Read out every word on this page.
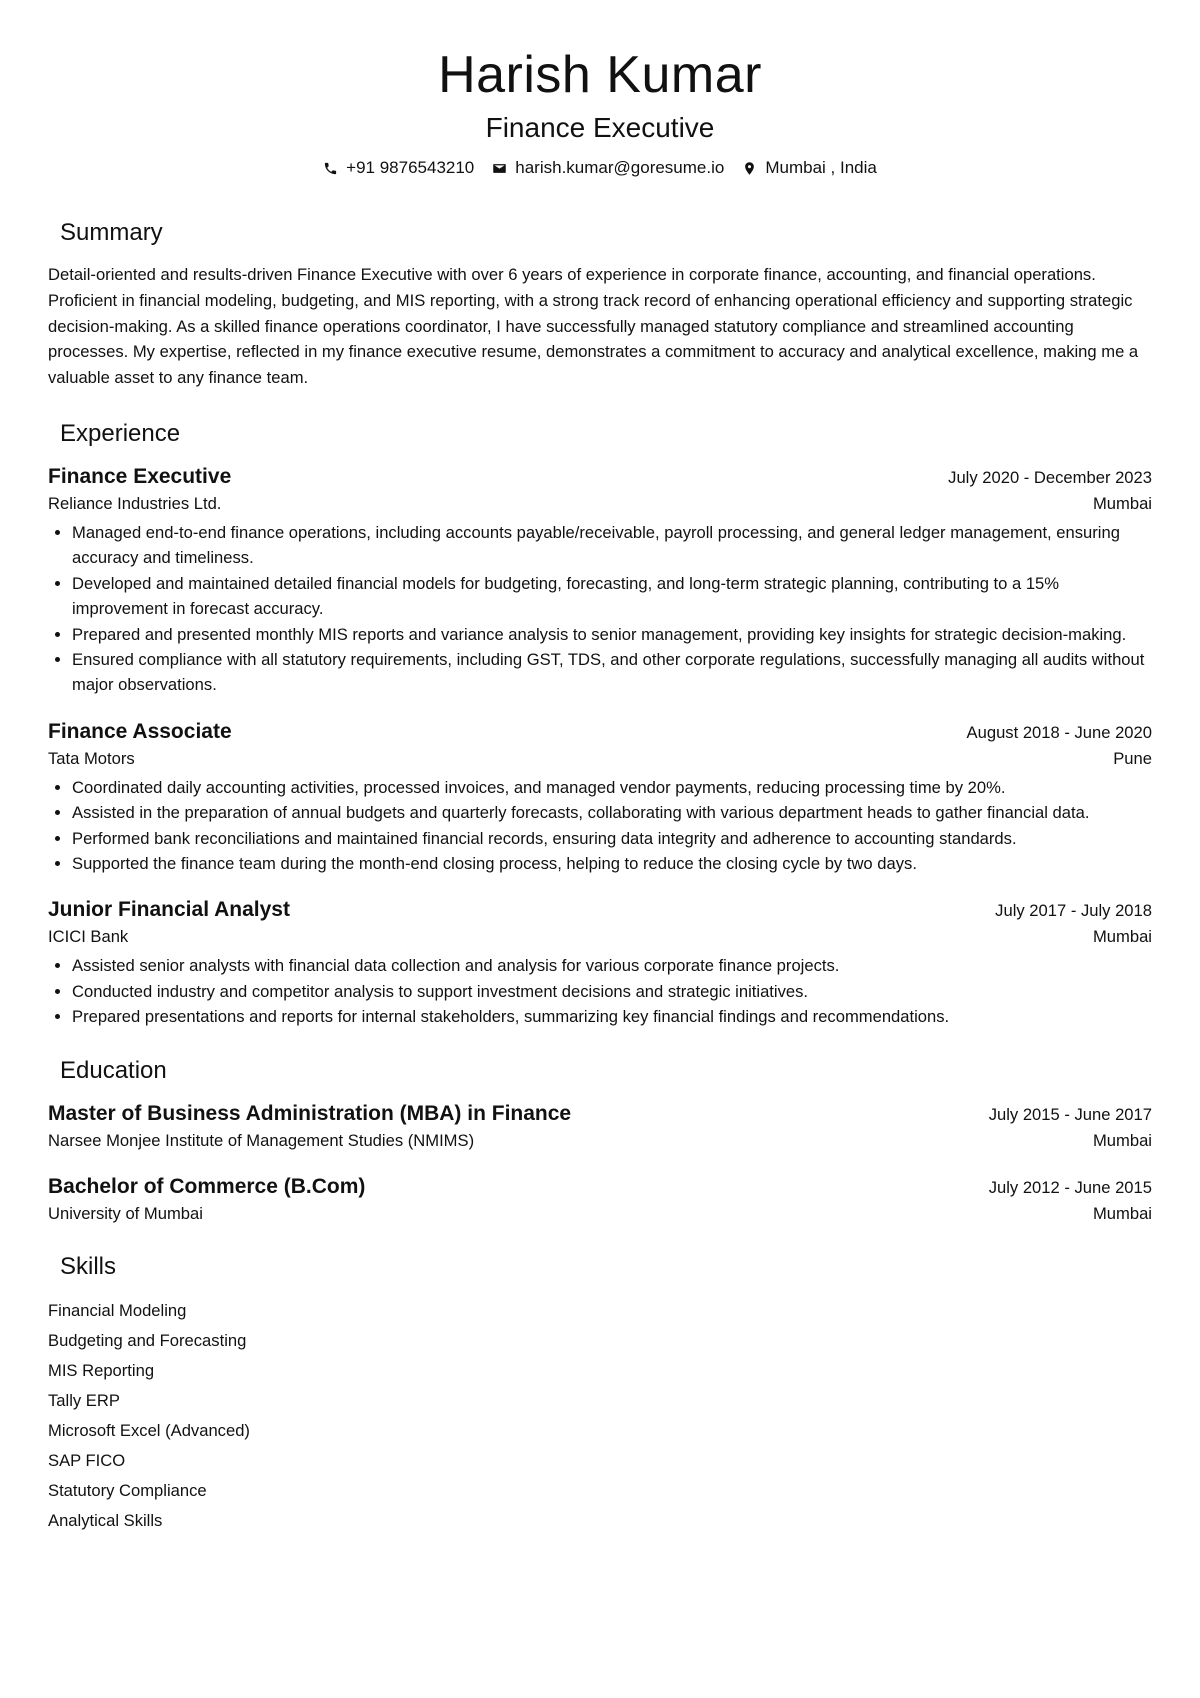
Harish Kumar
Finance Executive
+91 9876543210 harish.kumar@goresume.io Mumbai , India
Summary

Detail-oriented and results-driven Finance Executive with over 6 years of experience in corporate finance, accounting, and financial operations. Proficient in financial modeling, budgeting, and MIS reporting, with a strong track record of enhancing operational efficiency and supporting strategic decision-making. As a skilled finance operations coordinator, I have successfully managed statutory compliance and streamlined accounting processes. My expertise, reflected in my finance executive resume, demonstrates a commitment to accuracy and analytical excellence, making me a valuable asset to any finance team.

Experience
Finance Executive	July 2020 - December 2023
Reliance Industries Ltd.	Mumbai
• Managed end-to-end finance operations, including accounts payable/receivable, payroll processing, and general ledger management, ensuring accuracy and timeliness.
• Developed and maintained detailed financial models for budgeting, forecasting, and long-term strategic planning, contributing to a 15% improvement in forecast accuracy.
• Prepared and presented monthly MIS reports and variance analysis to senior management, providing key insights for strategic decision-making.
• Ensured compliance with all statutory requirements, including GST, TDS, and other corporate regulations, successfully managing all audits without major observations.
Finance Associate	August 2018 - June 2020
Tata Motors	Pune
• Coordinated daily accounting activities, processed invoices, and managed vendor payments, reducing processing time by 20%.
• Assisted in the preparation of annual budgets and quarterly forecasts, collaborating with various department heads to gather financial data.
• Performed bank reconciliations and maintained financial records, ensuring data integrity and adherence to accounting standards.
• Supported the finance team during the month-end closing process, helping to reduce the closing cycle by two days.
Junior Financial Analyst	July 2017 - July 2018
ICICI Bank	Mumbai
• Assisted senior analysts with financial data collection and analysis for various corporate finance projects.
• Conducted industry and competitor analysis to support investment decisions and strategic initiatives.
• Prepared presentations and reports for internal stakeholders, summarizing key financial findings and recommendations.
Education
Master of Business Administration (MBA) in Finance	July 2015 - June 2017
Narsee Monjee Institute of Management Studies (NMIMS)	Mumbai
Bachelor of Commerce (B.Com)	July 2012 - June 2015
University of Mumbai	Mumbai
Skills
Financial Modeling
Budgeting and Forecasting
MIS Reporting
Tally ERP
Microsoft Excel (Advanced)
SAP FICO
Statutory Compliance
Analytical Skills
